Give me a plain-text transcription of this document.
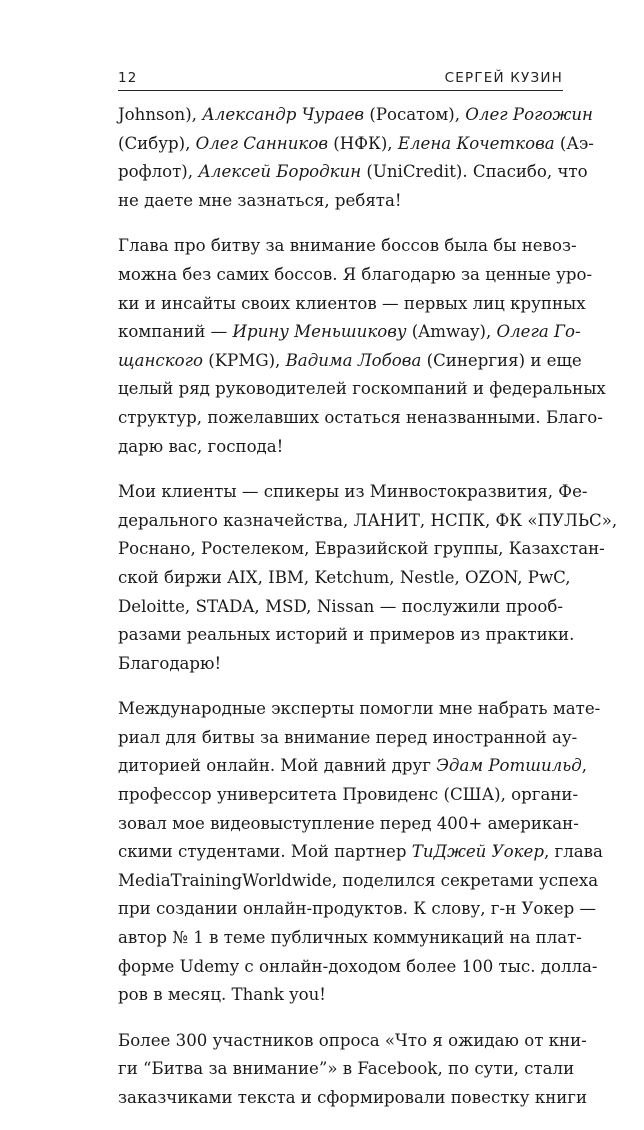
12	СЕРГЕЙ КУЗИН
Johnson), Александр Чураев (Росатом), Олег Рогожин
(Сибур), Олег Санников (НФК), Елена Кочеткова (Аэ-
рофлот), Алексей Бородкин (UniCredit). Спасибо, что
не даете мне зазнаться, ребята!
Глава про битву за внимание боссов была бы невоз-
можна без самих боссов. Я благодарю за ценные уро-
ки и инсайты своих клиентов — первых лиц крупных
компаний — Ирину Меньшикову (Amway), Олега Го-
щанского (KPMG), Вадима Лобова (Синергия) и еще
целый ряд руководителей госкомпаний и федеральных
структур, пожелавших остаться неназванными. Благо-
дарю вас, господа!
Мои клиенты — спикеры из Минвостокразвития, Фе-
дерального казначейства, ЛАНИТ, НСПК, ФК «ПУЛЬС»,
Роснано, Ростелеком, Евразийской группы, Казахстан-
ской биржи AIX, IBM, Ketchum, Nestle, OZON, PwC,
Deloitte, STADA, MSD, Nissan — послужили прооб-
разами реальных историй и примеров из практики.
Благодарю!
Международные эксперты помогли мне набрать мате-
риал для битвы за внимание перед иностранной ау-
диторией онлайн. Мой давний друг Эдам Ротшильд,
профессор университета Провиденс (США), органи-
зовал мое видеовыступление перед 400+ американ-
скими студентами. Мой партнер ТиДжей Уокер, глава
MediaTrainingWorldwide, поделился секретами успеха
при создании онлайн-продуктов. К слову, г-н Уокер —
автор № 1 в теме публичных коммуникаций на плат-
форме Udemy с онлайн-доходом более 100 тыс. долла-
ров в месяц. Thank you!
Более 300 участников опроса «Что я ожидаю от кни-
ги “Битва за внимание”» в Facebook, по сути, стали
заказчиками текста и сформировали повестку книги
